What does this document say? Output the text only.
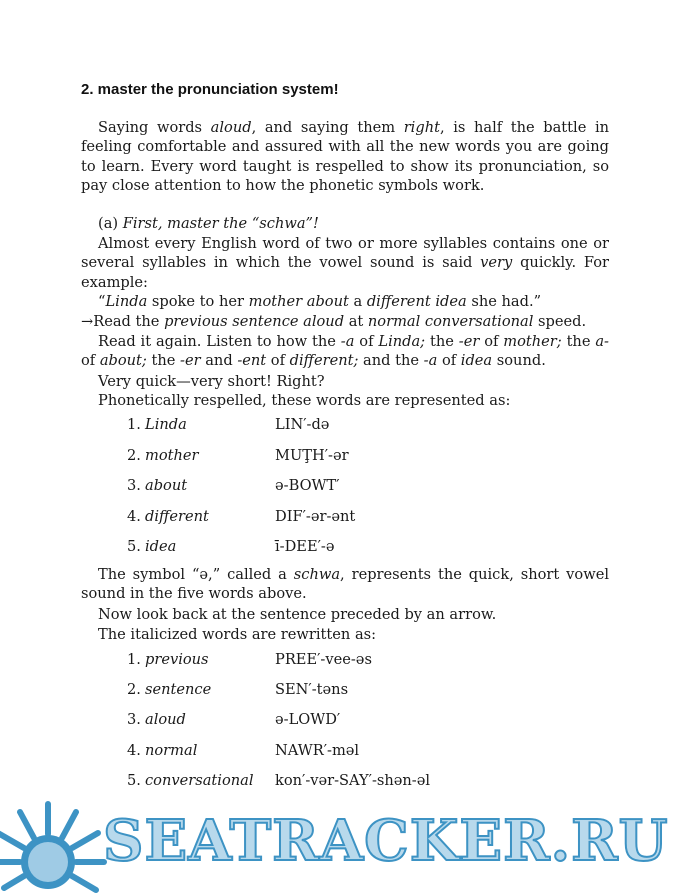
2. master the pronunciation system!

Saying words aloud, and saying them right, is half the battle in feeling comfortable and assured with all the new words you are going to learn. Every word taught is respelled to show its pronunciation, so pay close attention to how the phonetic symbols work.

(a) First, master the “schwa”!

Almost every English word of two or more syllables contains one or several syllables in which the vowel sound is said very quickly. For example:

“Linda spoke to her mother about a different idea she had.”
→Read the previous sentence aloud at normal conversational speed.

Read it again. Listen to how the -a of Linda; the -er of mother; the a- of about; the -er and -ent of different; and the -a of idea sound.

Very quick—very short! Right?
Phonetically respelled, these words are represented as:
1. Linda	LIN′-də
2. mother	MUŢH′-ər
3. about	ə-BOWT′
4. different	DIF′-ər-ənt
5. idea	ī-DEE′-ə

The symbol “ə,” called a schwa, represents the quick, short vowel sound in the five words above.

Now look back at the sentence preceded by an arrow.
The italicized words are rewritten as:
1. previous	PREE′-vee-əs
2. sentence	SEN′-təns
3. aloud	ə-LOWD′
4. normal	NAWR′-məl
5. conversational kon′-vər-SAY′-shən-əl
SEATRACKER.RU
